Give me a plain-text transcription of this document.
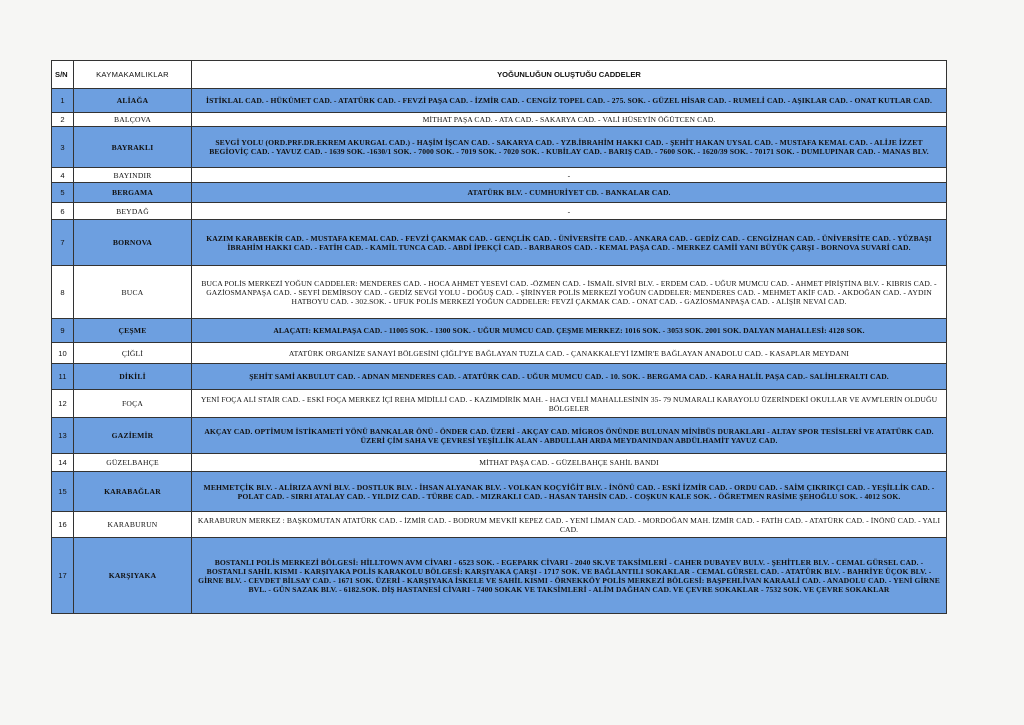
S/N	KAYMAKAMLIKLAR	YOĞUNLUĞUN OLUŞTUĞU CADDELER
1	ALİAĞA	İSTİKLAL CAD. - HÜKÜMET CAD. - ATATÜRK CAD. - FEVZİ PAŞA CAD. - İZMİR CAD. - CENGİZ TOPEL CAD. - 275. SOK. - GÜZEL HİSAR CAD. - RUMELİ CAD. - AŞIKLAR CAD. - ONAT KUTLAR CAD.
2	BALÇOVA	MİTHAT PAŞA CAD. - ATA CAD. - SAKARYA CAD. - VALİ HÜSEYİN ÖĞÜTCEN CAD.
3	BAYRAKLI	SEVGİ YOLU (ORD.PRF.DR.EKREM AKURGAL CAD.) - HAŞİM İŞCAN CAD. - SAKARYA CAD. - YZB.İBRAHİM HAKKI CAD. - ŞEHİT HAKAN UYSAL CAD. - MUSTAFA KEMAL CAD. - ALİJE İZZET BEGİOVİÇ CAD. - YAVUZ CAD. - 1639 SOK. -1630/1 SOK. - 7000 SOK. - 7019 SOK. - 7020 SOK. - KUBİLAY CAD. - BARIŞ CAD. - 7600 SOK. - 1620/39 SOK. - 70171 SOK. - DUMLUPINAR CAD. - MANAS BLV.
4	BAYINDIR	-
5	BERGAMA	ATATÜRK BLV. - CUMHURİYET CD. - BANKALAR CAD.
6	BEYDAĞ	-
7	BORNOVA	KAZIM KARABEKİR CAD. - MUSTAFA KEMAL CAD. - FEVZİ ÇAKMAK CAD. - GENÇLİK CAD. - ÜNİVERSİTE CAD. - ANKARA CAD. - GEDİZ CAD. - CENGİZHAN CAD. - ÜNİVERSİTE CAD. - YÜZBAŞI İBRAHİM HAKKI CAD. - FATİH CAD. - KAMİL TUNCA CAD. - ABDİ İPEKÇİ CAD. - BARBAROS CAD. - KEMAL PAŞA CAD. - MERKEZ CAMİİ YANI BÜYÜK ÇARŞI - BORNOVA SUVARİ CAD.
8	BUCA	BUCA POLİS MERKEZİ YOĞUN CADDELER: MENDERES CAD. - HOCA AHMET YESEVİ CAD. -ÖZMEN CAD. - İSMAİL SİVRİ BLV. - ERDEM CAD. - UĞUR MUMCU CAD. - AHMET PİRİŞTİNA BLV. - KIBRIS CAD. - GAZİOSMANPAŞA CAD. - SEYFİ DEMİRSOY CAD. - GEDİZ SEVGİ YOLU - DOĞUŞ CAD. - ŞİRİNYER POLİS MERKEZİ YOĞUN CADDELER: MENDERES CAD. - MEHMET AKİF CAD. - AKDOĞAN CAD. - AYDIN HATBOYU CAD. - 302.SOK. - UFUK POLİS MERKEZİ YOĞUN CADDELER: FEVZİ ÇAKMAK CAD. - ONAT CAD. - GAZİOSMANPAŞA CAD. - ALİŞİR NEVAİ CAD.
9	ÇEŞME	ALAÇATI: KEMALPAŞA CAD. - 11005 SOK. - 1300 SOK. - UĞUR MUMCU CAD. ÇEŞME MERKEZ: 1016 SOK. - 3053 SOK. 2001 SOK. DALYAN MAHALLESİ: 4128 SOK.
10	ÇİĞLİ	ATATÜRK ORGANİZE SANAYİ BÖLGESİNİ ÇİĞLİ'YE BAĞLAYAN TUZLA CAD. - ÇANAKKALE'Yİ İZMİR'E BAĞLAYAN ANADOLU CAD. - KASAPLAR MEYDANI
11	DİKİLİ	ŞEHİT SAMİ AKBULUT CAD. - ADNAN MENDERES CAD. - ATATÜRK CAD. - UĞUR MUMCU CAD. - 10. SOK. - BERGAMA CAD. - KARA HALİL PAŞA CAD.- SALİHLERALTI CAD.
12	FOÇA	YENİ FOÇA ALİ STAİR CAD. - ESKİ FOÇA MERKEZ İÇİ REHA MİDİLLİ CAD. - KAZIMDİRİK MAH. - HACI VELİ MAHALLESİNİN 35- 79 NUMARALI KARAYOLU ÜZERİNDEKİ OKULLAR VE AVM'LERİN OLDUĞU BÖLGELER
13	GAZİEMİR	AKÇAY CAD. OPTİMUM İSTİKAMETİ YÖNÜ BANKALAR ÖNÜ - ÖNDER CAD. ÜZERİ - AKÇAY CAD. MİGROS ÖNÜNDE BULUNAN MİNİBÜS DURAKLARI - ALTAY SPOR TESİSLERİ VE ATATÜRK CAD. ÜZERİ ÇİM SAHA VE ÇEVRESİ YEŞİLLİK ALAN - ABDULLAH ARDA MEYDANINDAN ABDÜLHAMİT YAVUZ CAD.
14	GÜZELBAHÇE	MİTHAT PAŞA CAD. - GÜZELBAHÇE SAHİL BANDI
15	KARABAĞLAR	MEHMETÇİK BLV. - ALİRIZA AVNİ BLV. - DOSTLUK BLV. - İHSAN ALYANAK BLV. - VOLKAN KOÇYİĞİT BLV. - İNÖNÜ CAD. - ESKİ İZMİR CAD. - ORDU CAD. - SAİM ÇIKRIKÇI CAD. - YEŞİLLİK CAD. - POLAT CAD. - SIRRI ATALAY CAD. - YILDIZ CAD. - TÜRBE CAD. - MIZRAKLI CAD. - HASAN TAHSİN CAD. - COŞKUN KALE SOK. - ÖĞRETMEN RASİME ŞEHOĞLU SOK. - 4012 SOK.
16	KARABURUN	KARABURUN MERKEZ : BAŞKOMUTAN ATATÜRK CAD. - İZMİR CAD. - BODRUM MEVKİİ KEPEZ CAD. - YENİ LİMAN CAD. - MORDOĞAN MAH. İZMİR CAD. - FATİH CAD. - ATATÜRK CAD. - İNÖNÜ CAD. - YALI CAD.
17	KARŞIYAKA	BOSTANLI POLİS MERKEZİ BÖLGESİ: HİLLTOWN AVM CİVARI - 6523 SOK. - EGEPARK CİVARI - 2040 SK.VE TAKSİMLERİ - CAHER DUBAYEV BULV. - ŞEHİTLER BLV. - CEMAL GÜRSEL CAD. - BOSTANLI SAHİL KISMI - KARŞIYAKA POLİS KARAKOLU BÖLGESİ: KARŞIYAKA ÇARŞI - 1717 SOK. VE BAĞLANTILI SOKAKLAR - CEMAL GÜRSEL CAD. - ATATÜRK BLV. - BAHRİYE ÜÇOK BLV. - GİRNE BLV. - CEVDET BİLSAY CAD. - 1671 SOK. ÜZERİ - KARŞIYAKA İSKELE VE SAHİL KISMI - ÖRNEKKÖY POLİS MERKEZİ BÖLGESİ: BAŞPEHLİVAN KARAALİ CAD. - ANADOLU CAD. - YENİ GİRNE BVL. - GÜN SAZAK BLV. - 6182.SOK. DİŞ HASTANESİ CİVARI - 7400 SOKAK VE TAKSİMLERİ - ALİM DAĞHAN CAD. VE ÇEVRE SOKAKLAR - 7532 SOK. VE ÇEVRE SOKAKLAR
